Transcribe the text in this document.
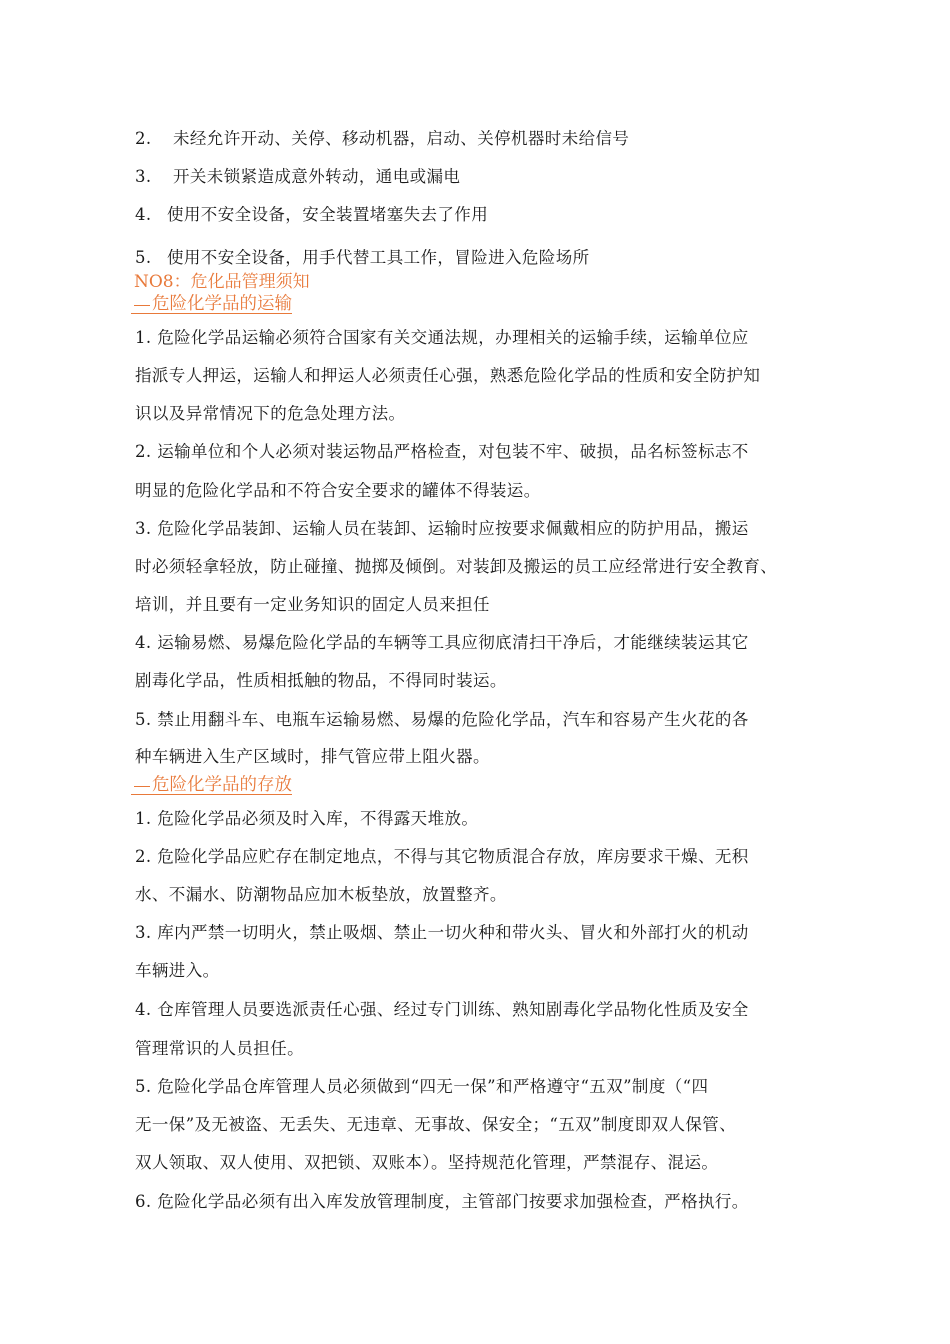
2. 未经允许开动、关停、移动机器，启动、关停机器时未给信号
3. 开关未锁紧造成意外转动，通电或漏电
4. 使用不安全设备，安全装置堵塞失去了作用
5. 使用不安全设备，用手代替工具工作，冒险进入危险场所
NO8：危化品管理须知
危险化学品的运输
1. 危险化学品运输必须符合国家有关交通法规，办理相关的运输手续，运输单位应
指派专人押运，运输人和押运人必须责任心强，熟悉危险化学品的性质和安全防护知
识以及异常情况下的危急处理方法。
2. 运输单位和个人必须对装运物品严格检查，对包装不牢、破损，品名标签标志不
明显的危险化学品和不符合安全要求的罐体不得装运。
3. 危险化学品装卸、运输人员在装卸、运输时应按要求佩戴相应的防护用品，搬运
时必须轻拿轻放，防止碰撞、抛掷及倾倒。对装卸及搬运的员工应经常进行安全教育、
培训，并且要有一定业务知识的固定人员来担任
4. 运输易燃、易爆危险化学品的车辆等工具应彻底清扫干净后，才能继续装运其它
剧毒化学品，性质相抵触的物品，不得同时装运。
5. 禁止用翻斗车、电瓶车运输易燃、易爆的危险化学品，汽车和容易产生火花的各
种车辆进入生产区域时，排气管应带上阻火器。
危险化学品的存放
1. 危险化学品必须及时入库，不得露天堆放。
2. 危险化学品应贮存在制定地点，不得与其它物质混合存放，库房要求干燥、无积
水、不漏水、防潮物品应加木板垫放，放置整齐。
3. 库内严禁一切明火，禁止吸烟、禁止一切火种和带火头、冒火和外部打火的机动
车辆进入。
4. 仓库管理人员要选派责任心强、经过专门训练、熟知剧毒化学品物化性质及安全
管理常识的人员担任。
5. 危险化学品仓库管理人员必须做到“四无一保”和严格遵守“五双”制度（“四
无一保”及无被盗、无丢失、无违章、无事故、保安全；“五双”制度即双人保管、
双人领取、双人使用、双把锁、双账本）。坚持规范化管理，严禁混存、混运。
6. 危险化学品必须有出入库发放管理制度，主管部门按要求加强检查，严格执行。
